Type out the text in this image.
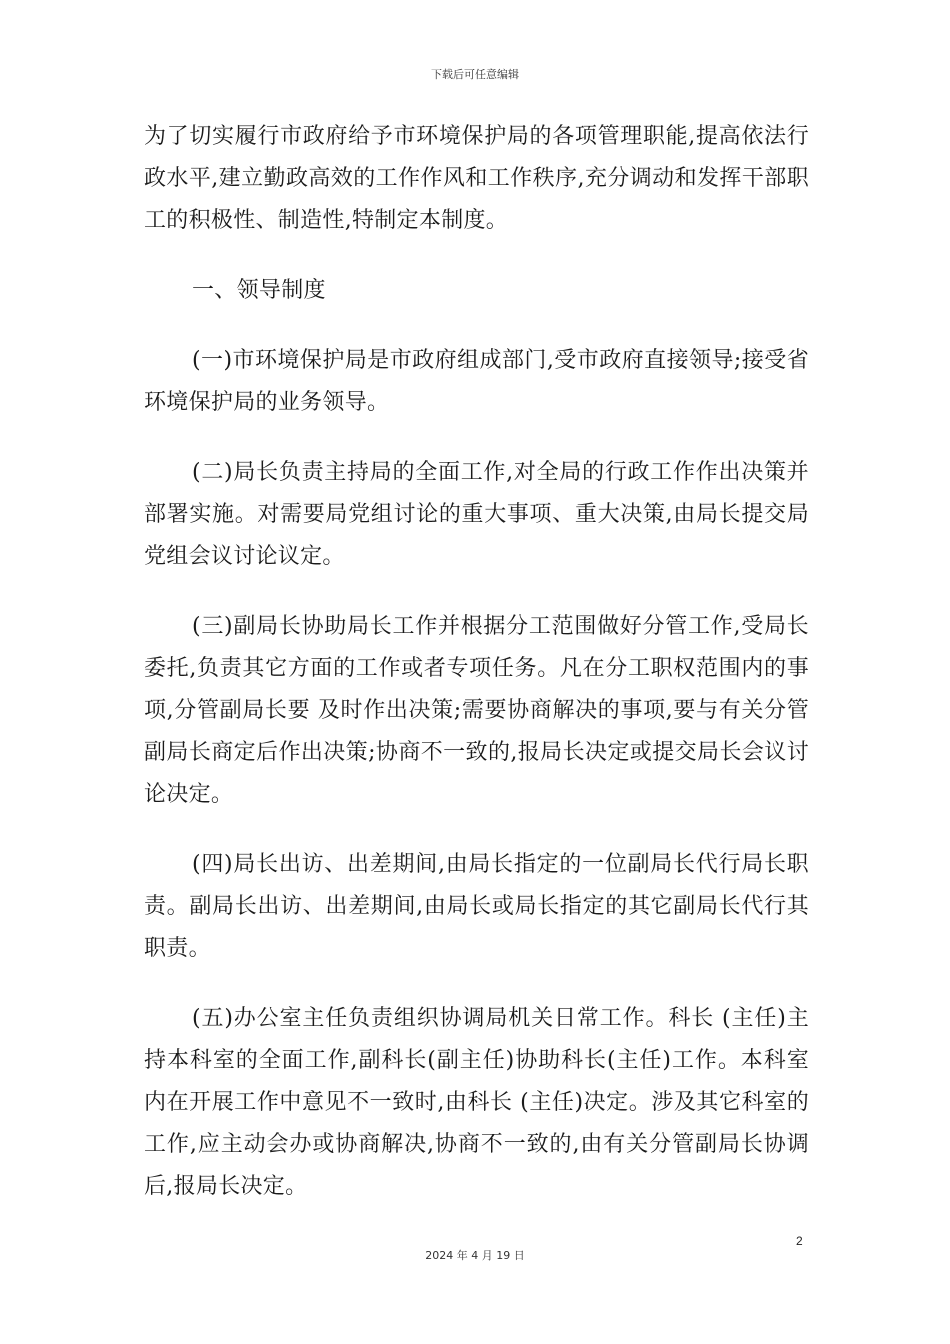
下载后可任意编辑

为了切实履行市政府给予市环境保护局的各项管理职能,提高依法行政水平,建立勤政高效的工作作风和工作秩序,充分调动和发挥干部职工的积极性、制造性,特制定本制度。

一、领导制度

(一)市环境保护局是市政府组成部门,受市政府直接领导;接受省环境保护局的业务领导。

(二)局长负责主持局的全面工作,对全局的行政工作作出决策并部署实施。对需要局党组讨论的重大事项、重大决策,由局长提交局党组会议讨论议定。

(三)副局长协助局长工作并根据分工范围做好分管工作,受局长委托,负责其它方面的工作或者专项任务。凡在分工职权范围内的事项,分管副局长要 及时作出决策;需要协商解决的事项,要与有关分管副局长商定后作出决策;协商不一致的,报局长决定或提交局长会议讨论决定。

(四)局长出访、出差期间,由局长指定的一位副局长代行局长职责。副局长出访、出差期间,由局长或局长指定的其它副局长代行其职责。

(五)办公室主任负责组织协调局机关日常工作。科长 (主任)主持本科室的全面工作,副科长(副主任)协助科长(主任)工作。本科室内在开展工作中意见不一致时,由科长 (主任)决定。涉及其它科室的工作,应主动会办或协商解决,协商不一致的,由有关分管副局长协调后,报局长决定。

2
2024 年 4 月 19 日
